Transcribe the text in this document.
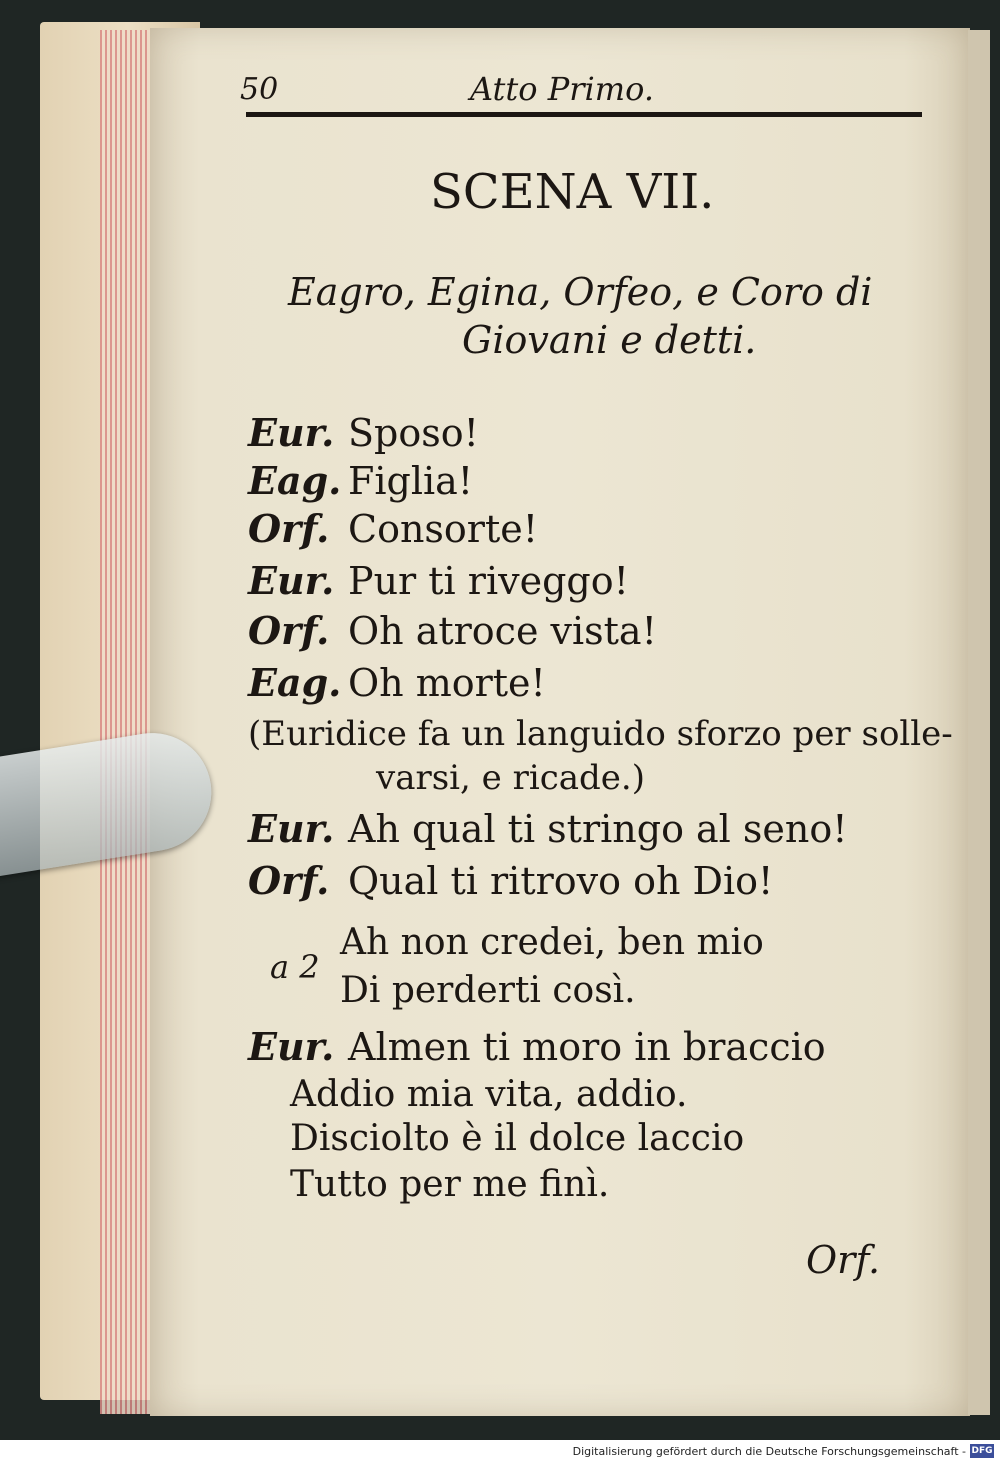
50	Atto Primo.
SCENA VII.
Eagro, Egina, Orfeo, e Coro di
Giovani e detti.
Eur. Sposo!
Eag. Figlia!
Orf. Consorte!
Eur. Pur ti riveggo!
Orf. Oh atroce vista!
Eag. Oh morte!
(Euridice fa un languido sforzo per solle-
varsi, e ricade.)
Eur. Ah qual ti stringo al seno!
Orf. Qual ti ritrovo oh Dio!
a 2
Ah non credei, ben mio
Di perderti così.
Eur. Almen ti moro in braccio
Addio mia vita, addio.
Disciolto è il dolce laccio
Tutto per me finì.
Orf.
Digitalisierung gefördert durch die Deutsche Forschungsgemeinschaft - DFG
